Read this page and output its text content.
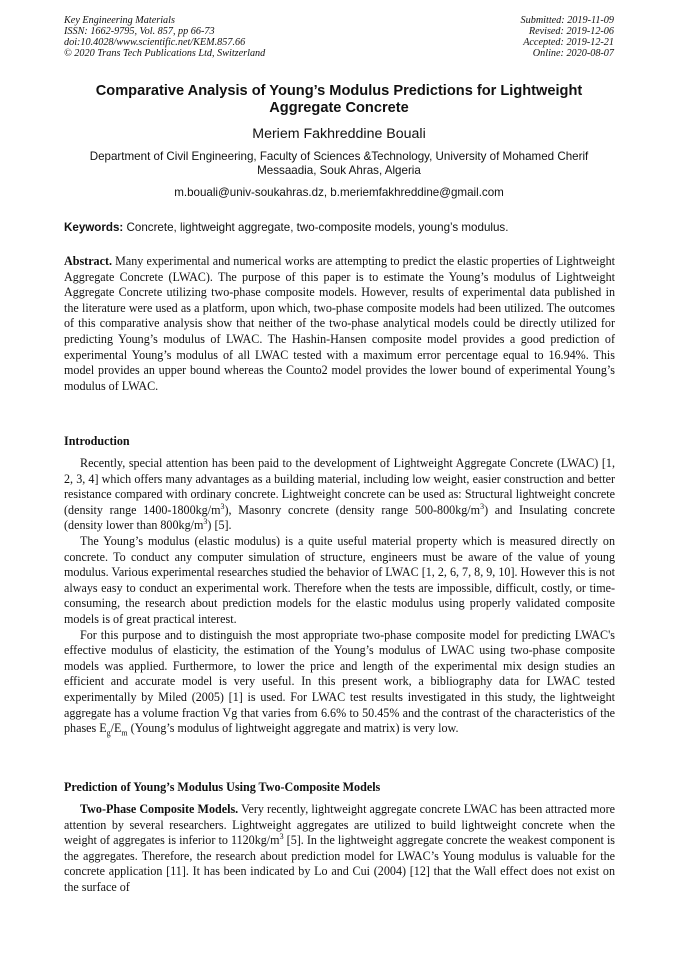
Key Engineering Materials
ISSN: 1662-9795, Vol. 857, pp 66-73
doi:10.4028/www.scientific.net/KEM.857.66
© 2020 Trans Tech Publications Ltd, Switzerland
Submitted: 2019-11-09
Revised: 2019-12-06
Accepted: 2019-12-21
Online: 2020-08-07
Comparative Analysis of Young’s Modulus Predictions for Lightweight Aggregate Concrete
Meriem Fakhreddine Bouali
Department of Civil Engineering, Faculty of Sciences &Technology, University of Mohamed Cherif Messaadia, Souk Ahras, Algeria
m.bouali@univ-soukahras.dz, b.meriemfakhreddine@gmail.com
Keywords: Concrete, lightweight aggregate, two-composite models, young’s modulus.

Abstract. Many experimental and numerical works are attempting to predict the elastic properties of Lightweight Aggregate Concrete (LWAC). The purpose of this paper is to estimate the Young’s modulus of Lightweight Aggregate Concrete utilizing two-phase composite models. However, results of experimental data published in the literature were used as a platform, upon which, two-phase composite models had been utilized. The outcomes of this comparative analysis show that neither of the two-phase analytical models could be directly utilized for predicting Young’s modulus of LWAC. The Hashin-Hansen composite model provides a good prediction of experimental Young’s modulus of all LWAC tested with a maximum error percentage equal to 16.94%. This model provides an upper bound whereas the Counto2 model provides the lower bound of experimental Young’s modulus of LWAC.

Introduction

Recently, special attention has been paid to the development of Lightweight Aggregate Concrete (LWAC) [1, 2, 3, 4] which offers many advantages as a building material, including low weight, easier construction and better resistance compared with ordinary concrete. Lightweight concrete can be used as: Structural lightweight concrete (density range $1400-1800kg/m^3$), Masonry concrete (density range $500-800kg/m^3$) and Insulating concrete (density lower than $800kg/m^3$) [5].

The Young’s modulus (elastic modulus) is a quite useful material property which is measured directly on concrete. To conduct any computer simulation of structure, engineers must be aware of the value of young modulus. Various experimental researches studied the behavior of LWAC [1, 2, 6, 7, 8, 9, 10]. However this is not always easy to conduct an experimental work. Therefore when the tests are impossible, difficult, costly, or time-consuming, the research about prediction models for the elastic modulus using properly validated composite models is of great practical interest.

For this purpose and to distinguish the most appropriate two-phase composite model for predicting LWAC's effective modulus of elasticity, the estimation of the Young’s modulus of LWAC using two-phase composite models was applied. Furthermore, to lower the price and length of the experimental mix design studies an efficient and accurate model is very useful. In this present work, a bibliography data for LWAC tested experimentally by Miled (2005) [1] is used. For LWAC test results investigated in this study, the lightweight aggregate has a volume fraction Vg that varies from 6.6% to 50.45% and the contrast of the characteristics of the phases $E_g/E_m$ (Young’s modulus of lightweight aggregate and matrix) is very low.

Prediction of Young’s Modulus Using Two-Composite Models

Two-Phase Composite Models. Very recently, lightweight aggregate concrete LWAC has been attracted more attention by several researchers. Lightweight aggregates are utilized to build lightweight concrete when the weight of aggregates is inferior to $1120kg/m^3$ [5]. In the lightweight aggregate concrete the weakest component is the aggregates. Therefore, the research about prediction model for LWAC’s Young modulus is valuable for the concrete application [11]. It has been indicated by Lo and Cui (2004) [12] that the Wall effect does not exist on the surface of
